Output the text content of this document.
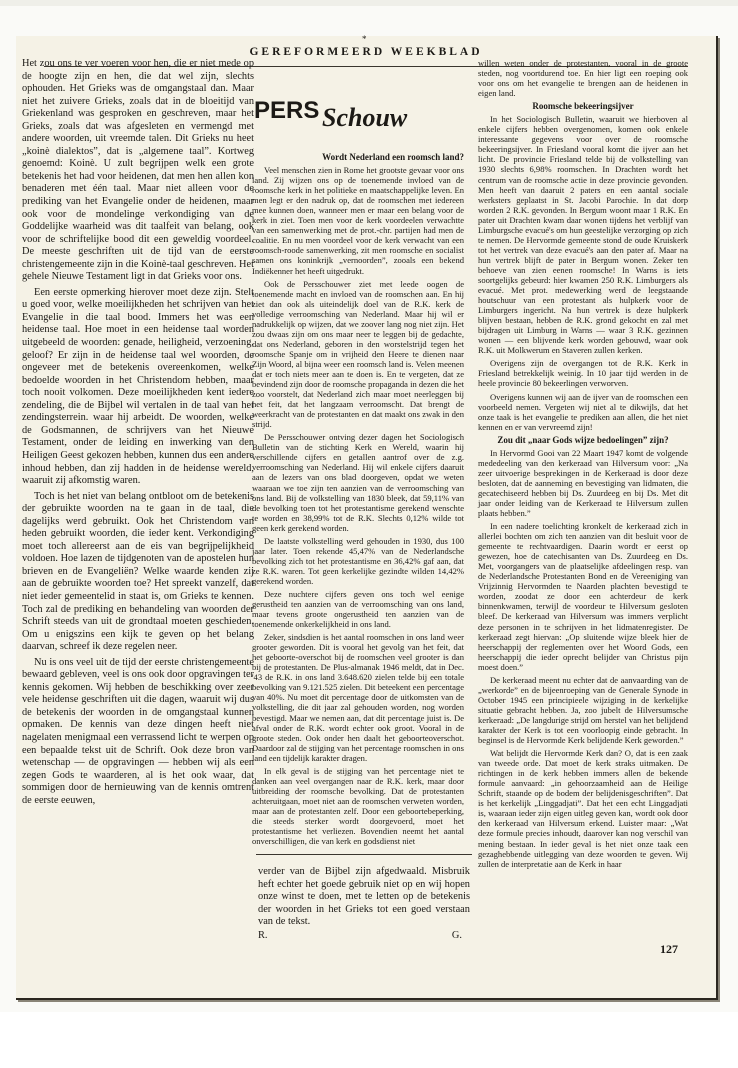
*
GEREFORMEERD WEEKBLAD

Het zou ons te ver voeren voor hen, die er niet mede op de hoogte zijn en hen, die dat wel zijn, slechts ophouden. Het Grieks was de omgangstaal dan. Maar niet het zuivere Grieks, zoals dat in de bloeitijd van Griekenland was gesproken en geschreven, maar het Grieks, zoals dat was afgesleten en vermengd met andere woorden, uit vreemde talen. Dit Grieks nu heet „koinè dialektos”, dat is „algemene taal”. Kortweg genoemd: Koinè. U zult begrijpen welk een grote betekenis het had voor heidenen, dat men hen allen kon benaderen met één taal. Maar niet alleen voor de prediking van het Evangelie onder de heidenen, maar ook voor de mondelinge verkondiging van de Goddelijke waarheid was dit taalfeit van belang, ook voor de schriftelijke bood dit een geweldig voordeel. De meeste geschriften uit de tijd van de eerste christengemeente zijn in die Koinè-taal geschreven. Het gehele Nieuwe Testament ligt in dat Grieks voor ons.

Een eerste opmerking hierover moet deze zijn. Stelt u goed voor, welke moeilijkheden het schrijven van het Evangelie in die taal bood. Immers het was een heidense taal. Hoe moet in een heidense taal worden uitgebeeld de woorden: genade, heiligheid, verzoening, geloof? Er zijn in de heidense taal wel woorden, de ongeveer met de betekenis overeenkomen, welke bedoelde woorden in het Christendom hebben, maar toch nooit volkomen. Deze moeilijkheden kent iedere zendeling, die de Bijbel wil vertalen in de taal van het zendingsterrein. waar hij arbeidt. De woorden, welke de Godsmannen, de schrijvers van het Nieuwe Testament, onder de leiding en inwerking van den Heiligen Geest gekozen hebben, kunnen dus een andere inhoud hebben, dan zij hadden in de heidense wereld, waaruit zij afkomstig waren.

Toch is het niet van belang ontbloot om de betekenis der gebruikte woorden na te gaan in de taal, die dagelijks werd gebruikt. Ook het Christendom van heden gebruikt woorden, die ieder kent. Verkondiging moet toch allereerst aan de eis van begrijpelijkheid voldoen. Hoe lazen de tijdgenoten van de apostelen hun brieven en de Evangeliën? Welke waarde kenden zij aan de gebruikte woorden toe? Het spreekt vanzelf, dat niet ieder gemeentelid in staat is, om Grieks te kennen. Toch zal de prediking en behandeling van woorden der Schrift steeds van uit de grondtaal moeten geschieden. Om u enigszins een kijk te geven op het belang daarvan, schreef ik deze regelen neer.

Nu is ons veel uit de tijd der eerste christengemeente bewaard gebleven, veel is ons ook door opgravingen ter kennis gekomen. Wij hebben de beschikking over zeer vele heidense geschriften uit die dagen, waaruit wij dus de betekenis der woorden in de omgangstaal kunnen opmaken. De kennis van deze dingen heeft niet nagelaten menigmaal een verrassend licht te werpen op een bepaalde tekst uit de Schrift. Ook deze bron van wetenschap — de opgravingen — hebben wij als een zegen Gods te waarderen, al is het ook waar, dat sommigen door de hernieuwing van de kennis omtrent de eerste eeuwen,

PERS Schouw
Wordt Nederland een roomsch land?

Veel menschen zien in Rome het grootste gevaar voor ons land. Zij wijzen ons op de toenemende invloed van de roomsche kerk in het politieke en maatschappelijke leven. En men legt er den nadruk op, dat de roomschen met iedereen mee kunnen doen, wanneer men er maar een belang voor de kerk in ziet. Toen men voor de kerk voordeelen verwachtte van een samenwerking met de prot.-chr. partijen had men de coalitie. En nu men voordeel voor de kerk verwacht van een roomsch-roode samenwerking, zit men roomsche en socialist samen ons koninkrijk „vernoorden”, zooals een bekend Indiëkenner het heeft uitgedrukt.

Ook de Persschouwer ziet met leede oogen de toenemende macht en invloed van de roomschen aan. En hij ziet dan ook als uiteindelijk doel van de R.K. kerk de volledige verroomsching van Nederland. Maar hij wil er nadrukkelijk op wijzen, dat we zoover lang nog niet zijn. Het zou dwaas zijn om ons maar neer te leggen bij de gedachte, dat ons Nederland, geboren in den worstelstrijd tegen het roomsche Spanje om in vrijheid den Heere te dienen naar Zijn Woord, al bijna weer een roomsch land is. Velen meenen dat er toch niets meer aan te doen is. En te vergeten, dat ze bevindend zijn door de roomsche propaganda in dezen die het zoo voorstelt, dat Nederland zich maar moet neerleggen bij het feit, dat het langzaam verroomscht. Dat brengt de weerkracht van de protestanten en dat maakt ons zwak in den strijd.

De Persschouwer ontving dezer dagen het Sociologisch Bulletin van de stichting Kerk en Wereld, waarin hij verschillende cijfers en getallen aantrof over de z.g. verroomsching van Nederland. Hij wil enkele cijfers daaruit aan de lezers van ons blad doorgeven, opdat we weten waaraan we toe zijn ten aanzien van de verroomsching van ons land. Bij de volkstelling van 1830 bleek, dat 59,11% van de bevolking toen tot het protestantisme gerekend wenschte te worden en 38,99% tot de R.K. Slechts 0,12% wilde tot geen kerk gerekend worden.

De laatste volkstelling werd gehouden in 1930, dus 100 jaar later. Toen rekende 45,47% van de Nederlandsche bevolking zich tot het protestantisme en 36,42% gaf aan, dat ze R.K. waren. Tot geen kerkelijke gezindte wilden 14,42% gerekend worden.

Deze nuchtere cijfers geven ons toch wel eenige gerustheid ten aanzien van de verroomsching van ons land, maar tevens groote ongerustheid ten aanzien van de toenemende onkerkelijkheid in ons land.

Zeker, sindsdien is het aantal roomschen in ons land weer grooter geworden. Dit is vooral het gevolg van het feit, dat het geboorte-overschot bij de roomschen veel grooter is dan bij de protestanten. De Plus-almanak 1946 meldt, dat in Dec. '43 de R.K. in ons land 3.648.620 zielen telde bij een totale bevolking van 9.121.525 zielen. Dit beteekent een percentage van 40%. Nu moet dit percentage door de uitkomsten van de volkstelling, die dit jaar zal gehouden worden, nog worden bevestigd. Maar we nemen aan, dat dit percentage juist is. De afval onder de R.K. wordt echter ook groot. Vooral in de groote steden. Ook onder hen daalt het geboorteoverschot. Daardoor zal de stijging van het percentage roomschen in ons land een tijdelijk karakter dragen.

In elk geval is de stijging van het percentage niet te danken aan veel overgangen naar de R.K. kerk, maar door uitbreiding der roomsche bevolking. Dat de protestanten achteruitgaan, moet niet aan de roomschen verweten worden, maar aan de protestanten zelf. Door een geboortebeperking, die steeds sterker wordt doorgevoerd, moet het protestantisme het verliezen. Bovendien neemt het aantal onverschilligen, die van kerk en godsdienst niet

willen weten onder de protestanten, vooral in de groote steden, nog voortdurend toe. En hier ligt een roeping ook voor ons om het evangelie te brengen aan de heidenen in eigen land.

Roomsche bekeeringsijver

In het Sociologisch Bulletin, waaruit we hierboven al enkele cijfers hebben overgenomen, komen ook enkele interessante gegevens voor over de roomsche bekeeringsijver. In Friesland vooral komt die ijver aan het licht. De provincie Friesland telde bij de volkstelling van 1930 slechts 6,98% roomschen. In Drachten wordt het centrum van de roomsche actie in deze provincie gevonden. Men heeft van daaruit 2 paters en een aantal sociale werksters geplaatst in St. Jacobi Parochie. In dat dorp worden 2 R.K. gevonden. In Bergum woont maar 1 R.K. En pater uit Drachten kwam daar wonen tijdens het verblijf van Limburgsche evacué's om hun geestelijke verzorging op zich te nemen. De Hervormde gemeente stond de oude Kruiskerk tot het vertrek van deze evacué's aan den pater af. Maar na hun vertrek blijft de pater in Bergum wonen. Zeker ten behoeve van zien eenen roomsche! In Warns is iets soortgelijks gebeurd: hier kwamen 250 R.K. Limburgers als evacué. Met prot. medewerking werd de leegstaande houtschuur van een protestant als hulpkerk voor de Limburgers ingericht. Na hun vertrek is deze hulpkerk blijven bestaan, hebben de R.K. grond gekocht en zal met bijdragen uit Limburg in Warns — waar 3 R.K. gezinnen wonen — een blijvende kerk worden gebouwd, waar ook R.K. uit Molkwerum en Staveren zullen kerken.

Overigens zijn de overgangen tot de R.K. Kerk in Friesland betrekkelijk weinig. In 10 jaar tijd werden in de heele provincie 80 bekeerlingen verworven.

Overigens kunnen wij aan de ijver van de roomschen een voorbeeld nemen. Vergeten wij niet al te dikwijls, dat het onze taak is het evangelie te prediken aan allen, die het niet kennen en er van vervreemd zijn!

Zou dit „naar Gods wijze bedoelingen” zijn?

In Hervormd Gooi van 22 Maart 1947 komt de volgende mededeeling van den kerkeraad van Hilversum voor: „Na zeer uitvoerige besprekingen in de Kerkeraad is door deze besloten, dat de aanneming en bevestiging van lidmaten, die gecatechiseerd hebben bij Ds. Zuurdeeg en bij Ds. Met dit jaar onder leiding van de Kerkeraad te Hilversum zullen plaats hebben.”

In een nadere toelichting kronkelt de kerkeraad zich in allerlei bochten om zich ten aanzien van dit besluit voor de gemeente te rechtvaardigen. Daarin wordt er eerst op gewezen, hoe de catechisanten van Ds. Zuurdeeg en Ds. Met, voorgangers van de plaatselijke afdeelingen resp. van de Nederlandsche Protestanten Bond en de Vereeniging van Vrijzinnig Hervormden te Naarden plachten bevestigd te worden, zoodat ze door een achterdeur de kerk binnenkwamen, terwijl de voordeur te Hilversum gesloten bleef. De kerkeraad van Hilversum was immers verplicht deze personen in te schrijven in het lidmatenregister. De kerkeraad zegt hiervan: „Op sluitende wijze bleek hier de heerschappij der reglementen over het Woord Gods, een heerschappij die ieder oprecht belijder van Christus pijn moest doen.”

De kerkeraad meent nu echter dat de aanvaarding van de „werkorde” en de bijeenroeping van de Generale Synode in October 1945 een principieele wijziging in de kerkelijke situatie gebracht hebben. Ja, zoo jubelt de Hilversumsche kerkeraad: „De langdurige strijd om herstel van het belijdend karakter der Kerk is tot een voorloopig einde gebracht. In beginsel is de Hervormde Kerk belijdende Kerk geworden.”

Wat belijdt die Hervormde Kerk dan? O, dat is een zaak van tweede orde. Dat moet de kerk straks uitmaken. De richtingen in de kerk hebben immers allen de bekende formule aanvaard: „in gehoorzaamheid aan de Heilige Schrift, staande op de bodem der belijdenisgeschriften”. Dat is het kerkelijk „Linggadjati”. Dat het een echt Linggadjati is, waaraan ieder zijn eigen uitleg geven kan, wordt ook door den kerkeraad van Hilversum erkend. Luister maar: „Wat deze formule precies inhoudt, daarover kan nog verschil van mening bestaan. In ieder geval is het niet onze taak een gezaghebbende uitlegging van deze woorden te geven. Wij zullen de interpretatie aan de Kerk in haar

verder van de Bijbel zijn afgedwaald. Misbruik heft echter het goede gebruik niet op en wij hopen onze winst te doen, met te letten op de betekenis der woorden in het Grieks tot een goed verstaan van de tekst.

R.	G.
127
